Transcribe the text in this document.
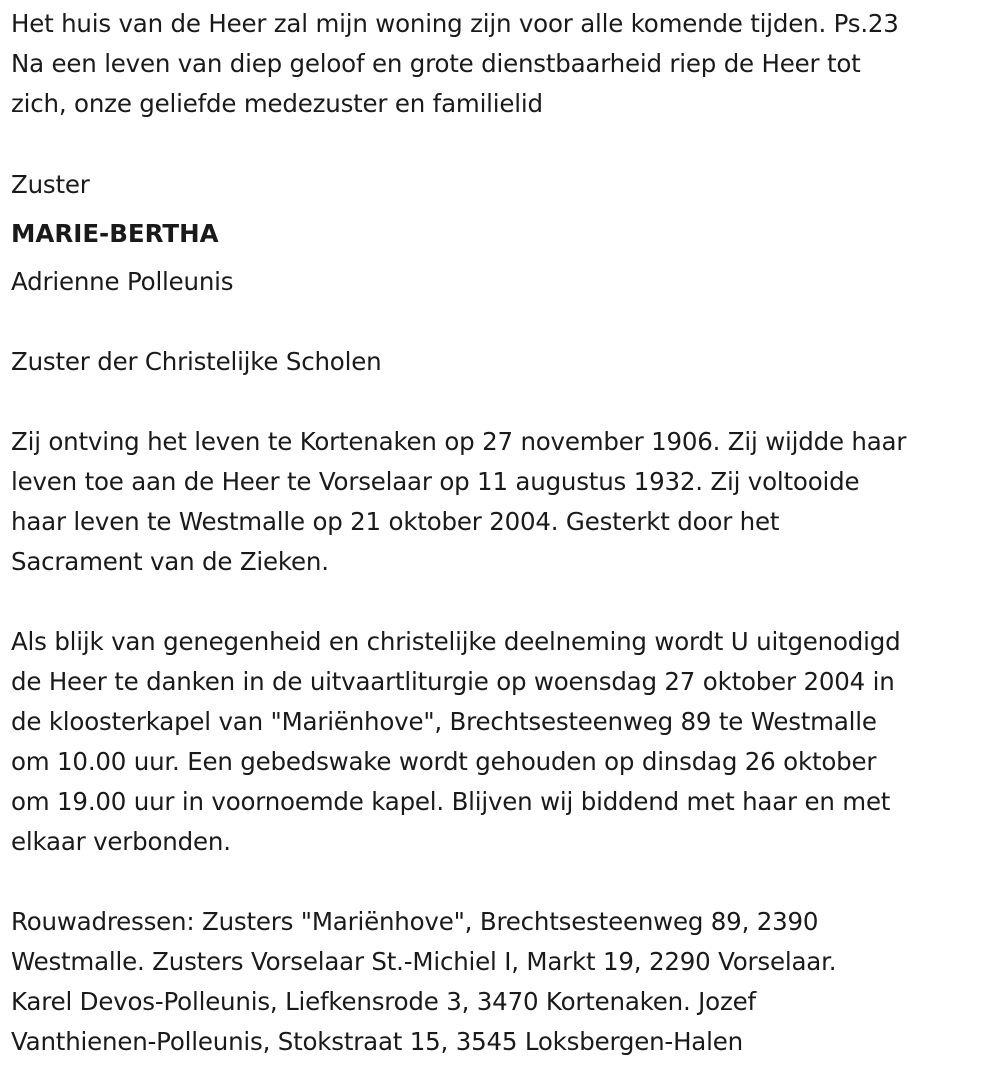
Het huis van de Heer zal mijn woning zijn voor alle komende tijden. Ps.23
Na een leven van diep geloof en grote dienstbaarheid riep de Heer tot
zich, onze geliefde medezuster en familielid

Zuster
MARIE-BERTHA
Adrienne Polleunis

Zuster der Christelijke Scholen

Zij ontving het leven te Kortenaken op 27 november 1906. Zij wijdde haar
leven toe aan de Heer te Vorselaar op 11 augustus 1932. Zij voltooide
haar leven te Westmalle op 21 oktober 2004. Gesterkt door het
Sacrament van de Zieken.

Als blijk van genegenheid en christelijke deelneming wordt U uitgenodigd
de Heer te danken in de uitvaartliturgie op woensdag 27 oktober 2004 in
de kloosterkapel van "Mariënhove", Brechtsesteenweg 89 te Westmalle
om 10.00 uur. Een gebedswake wordt gehouden op dinsdag 26 oktober
om 19.00 uur in voornoemde kapel. Blijven wij biddend met haar en met
elkaar verbonden.

Rouwadressen: Zusters "Mariënhove", Brechtsesteenweg 89, 2390
Westmalle. Zusters Vorselaar St.-Michiel I, Markt 19, 2290 Vorselaar.
Karel Devos-Polleunis, Liefkensrode 3, 3470 Kortenaken. Jozef
Vanthienen-Polleunis, Stokstraat 15, 3545 Loksbergen-Halen
